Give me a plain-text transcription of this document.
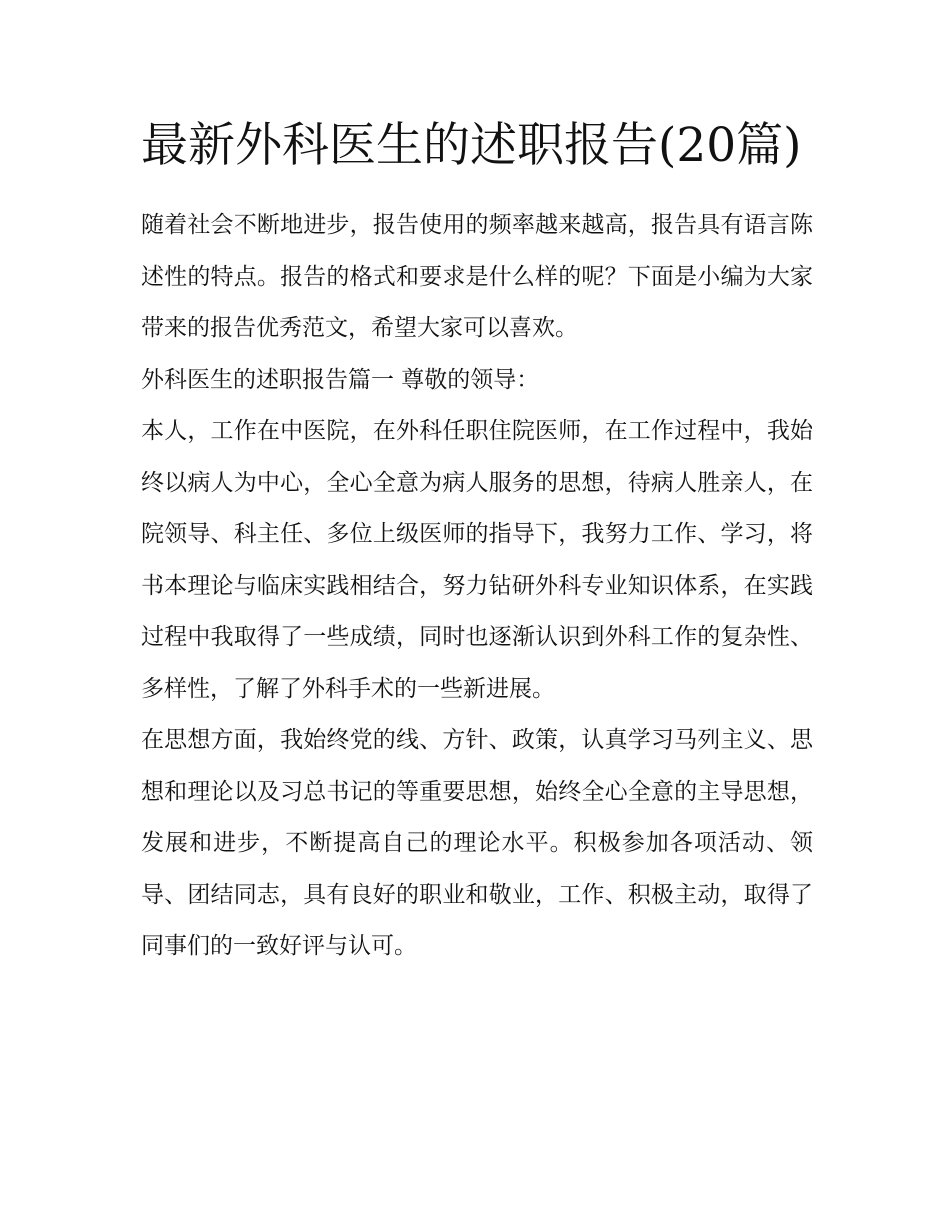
最新外科医生的述职报告(20篇)

随着社会不断地进步，报告使用的频率越来越高，报告具有语言陈述性的特点。报告的格式和要求是什么样的呢？下面是小编为大家带来的报告优秀范文，希望大家可以喜欢。

外科医生的述职报告篇一 尊敬的领导：

本人，工作在中医院，在外科任职住院医师，在工作过程中，我始终以病人为中心，全心全意为病人服务的思想，待病人胜亲人，在院领导、科主任、多位上级医师的指导下，我努力工作、学习，将书本理论与临床实践相结合，努力钻研外科专业知识体系，在实践过程中我取得了一些成绩，同时也逐渐认识到外科工作的复杂性、多样性，了解了外科手术的一些新进展。

在思想方面，我始终党的线、方针、政策，认真学习马列主义、思想和理论以及习总书记的等重要思想，始终全心全意的主导思想，发展和进步，不断提高自己的理论水平。积极参加各项活动、领导、团结同志，具有良好的职业和敬业，工作、积极主动，取得了同事们的一致好评与认可。
